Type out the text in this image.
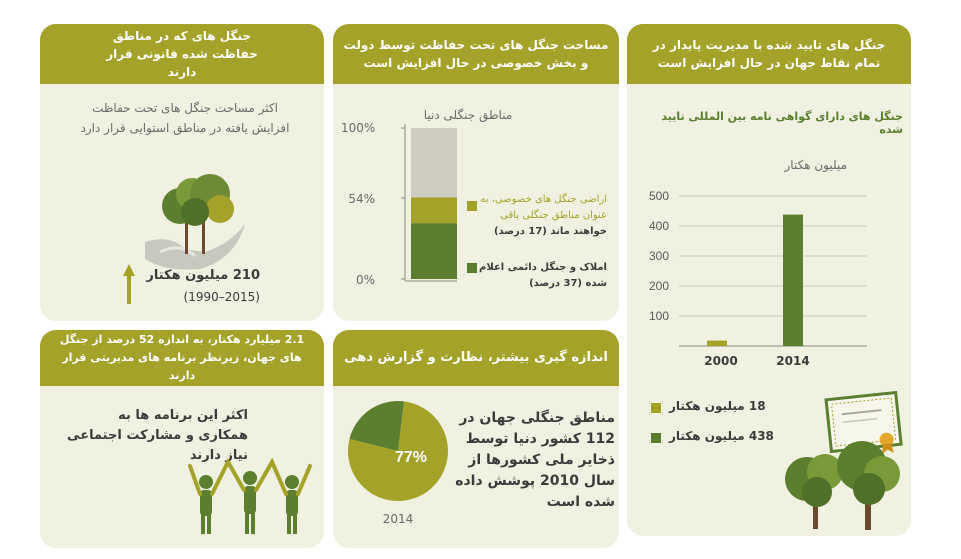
جنگل های که در مناطق حفاظت شده قانونی قرار دارند
اکثر مساحت جنگل های تحت حفاظت
افزایش یافته در مناطق استوایی قرار دارد
210 میلیون هکتار
(1990–2015)
مساحت جنگل های تحت حفاظت توسط دولت
و بخش خصوصی در حال افزایش است
مناطق جنگلی دنیا
100%
54%
0%
اراضی جنگل های خصوصی، به
عنوان مناطق جنگلی باقی
خواهند ماند (17 درصد)
املاک و جنگل دائمی اعلام
شده (37 درصد)
جنگل های تایید شده با مدیریت پایدار در
تمام نقاط جهان در حال افزایش است
جنگل های دارای گواهی نامه بین المللی تایید شده
میلیون هکتار
500
400
300
200
100
2000	2014
18 میلیون هکتار
438 میلیون هکتار
2.1 میلیارد هکتار، به اندازه 52 درصد از جنگل
های جهان، زیرنظر برنامه های مدیریتی قرار دارند
اکثر این برنامه ها به
همکاری و مشارکت اجتماعی
نیاز دارند
اندازه گیری بیشتر، نظارت و گزارش دهی
77%
2014
مناطق جنگلی جهان در
112 کشور دنیا توسط
ذخایر ملی کشورها از
سال 2010 پوشش داده
شده است
